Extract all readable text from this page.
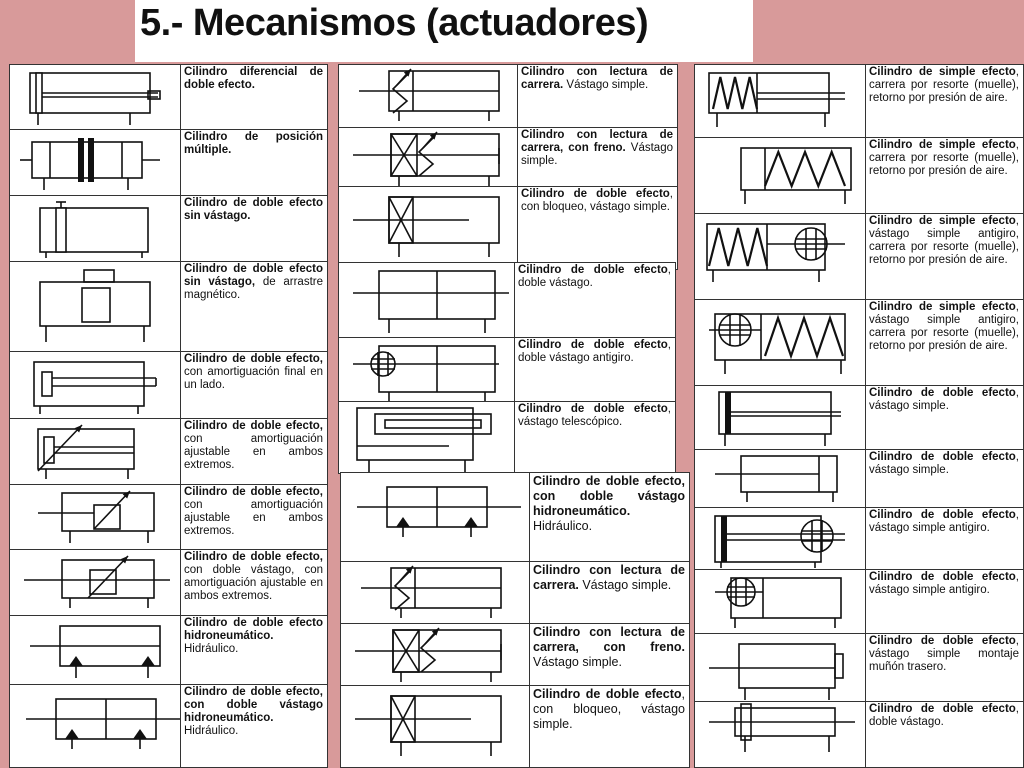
5.- Mecanismos (actuadores)
Cilindro diferencial de doble efecto.
Cilindro de posición múltiple.
Cilindro de doble efecto sin vástago.
Cilindro de doble efecto sin vástago, de arrastre magnético.
Cilindro de doble efecto, con amortiguación final en un lado.
Cilindro de doble efecto, con amortiguación ajustable en ambos extremos.
Cilindro de doble efecto, con amortiguación ajustable en ambos extremos.
Cilindro de doble efecto, con doble vástago, con amortiguación ajustable en ambos extremos.
Cilindro de doble efecto hidroneumático. Hidráulico.
Cilindro de doble efecto, con doble vástago hidroneumático. Hidráulico.
Cilindro con lectura de carrera. Vástago simple.
Cilindro con lectura de carrera, con freno. Vástago simple.
Cilindro de doble efecto, con bloqueo, vástago simple.
Cilindro de doble efecto, doble vástago.
Cilindro de doble efecto, doble vástago antigiro.
Cilindro de doble efecto, vástago telescópico.
Cilindro de doble efecto, con doble vástago hidroneumático. Hidráulico.
Cilindro con lectura de carrera. Vástago simple.
Cilindro con lectura de carrera, con freno. Vástago simple.
Cilindro de doble efecto, con bloqueo, vástago simple.
Cilindro de simple efecto, carrera por resorte (muelle), retorno por presión de aire.
Cilindro de simple efecto, carrera por resorte (muelle), retorno por presión de aire.
Cilindro de simple efecto, vástago simple antigiro, carrera por resorte (muelle), retorno por presión de aire.
Cilindro de simple efecto, vástago simple antigiro, carrera por resorte (muelle), retorno por presión de aire.
Cilindro de doble efecto, vástago simple.
Cilindro de doble efecto, vástago simple.
Cilindro de doble efecto, vástago simple antigiro.
Cilindro de doble efecto, vástago simple antigiro.
Cilindro de doble efecto, vástago simple montaje muñón trasero.
Cilindro de doble efecto, doble vástago.
